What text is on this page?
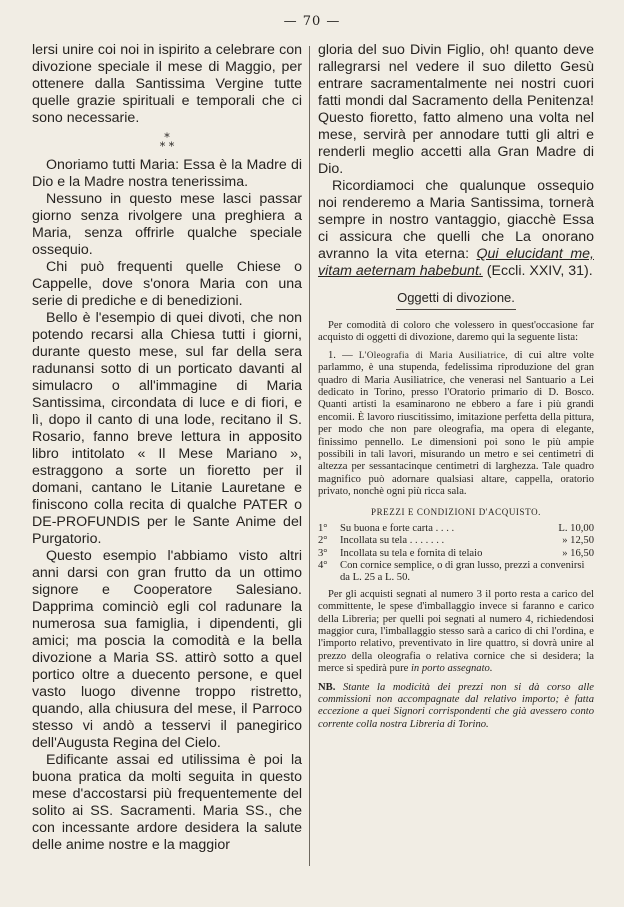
— 70 —

lersi unire coi noi in ispirito a celebrare con divozione speciale il mese di Maggio, per ottenere dalla Santissima Vergine tutte quelle grazie spirituali e temporali che ci sono necessarie.

*
* *

Onoriamo tutti Maria: Essa è la Madre di Dio e la Madre nostra tenerissima.

Nessuno in questo mese lasci passar giorno senza rivolgere una preghiera a Maria, senza offrirle qualche speciale ossequio.

Chi può frequenti quelle Chiese o Cappelle, dove s'onora Maria con una serie di prediche e di benedizioni.

Bello è l'esempio di quei divoti, che non potendo recarsi alla Chiesa tutti i giorni, durante questo mese, sul far della sera radunansi sotto di un porticato davanti al simulacro o all'immagine di Maria Santissima, circondata di luce e di fiori, e lì, dopo il canto di una lode, recitano il S. Rosario, fanno breve lettura in apposito libro intitolato « Il Mese Mariano », estraggono a sorte un fioretto per il domani, cantano le Litanie Lauretane e finiscono colla recita di qualche PATER o DE-PROFUNDIS per le Sante Anime del Purgatorio.

Questo esempio l'abbiamo visto altri anni darsi con gran frutto da un ottimo signore e Cooperatore Salesiano. Dapprima cominciò egli col radunare la numerosa sua famiglia, i dipendenti, gli amici; ma poscia la comodità e la bella divozione a Maria SS. attirò sotto a quel portico oltre a duecento persone, e quel vasto luogo divenne troppo ristretto, quando, alla chiusura del mese, il Parroco stesso vi andò a tesservi il panegirico dell'Augusta Regina del Cielo.

Edificante assai ed utilissima è poi la buona pratica da molti seguita in questo mese d'accostarsi più frequentemente del solito ai SS. Sacramenti. Maria SS., che con incessante ardore desidera la salute delle anime nostre e la maggior

gloria del suo Divin Figlio, oh! quanto deve rallegrarsi nel vedere il suo diletto Gesù entrare sacramentalmente nei nostri cuori fatti mondi dal Sacramento della Penitenza! Questo fioretto, fatto almeno una volta nel mese, servirà per annodare tutti gli altri e renderli meglio accetti alla Gran Madre di Dio.

Ricordiamoci che qualunque ossequio noi renderemo a Maria Santissima, tornerà sempre in nostro vantaggio, giacchè Essa ci assicura che quelli che La onorano avranno la vita eterna: Qui elucidant me, vitam aeternam habebunt. (Eccli. XXIV, 31).

Oggetti di divozione.

Per comodità di coloro che volessero in quest'occasione far acquisto di oggetti di divozione, daremo qui la seguente lista:

1. — L'Oleografia di Maria Ausiliatrice, di cui altre volte parlammo, è una stupenda, fedelissima riproduzione del gran quadro di Maria Ausiliatrice, che venerasi nel Santuario a Lei dedicato in Torino, presso l'Oratorio primario di D. Bosco. Quanti artisti la esaminarono ne ebbero a fare i più grandi encomii. È lavoro riuscitissimo, imitazione perfetta della pittura, per modo che non pare oleografia, ma opera di elegante, finissimo pennello. Le dimensioni poi sono le più ampie possibili in tali lavori, misurando un metro e sei centimetri di altezza per sessantacinque centimetri di larghezza. Tale quadro magnifico può adornare qualsiasi altare, cappella, oratorio privato, nonchè ogni più ricca sala.

PREZZI E CONDIZIONI D'ACQUISTO.
1°	Su buona e forte carta . . . .	L. 10,00
2°	Incollata su tela . . . . . . .	» 12,50
3°	Incollata su tela e fornita di telaio	» 16,50
4°	Con cornice semplice, o di gran lusso, prezzi a convenirsi da L. 25 a L. 50.	

Per gli acquisti segnati al numero 3 il porto resta a carico del committente, le spese d'imballaggio invece si faranno e carico della Libreria; per quelli poi segnati al numero 4, richiedendosi maggior cura, l'imballaggio stesso sarà a carico di chi l'ordina, e l'importo relativo, preventivato in lire quattro, si dovrà unire al prezzo della oleografia o relativa cornice che si desidera; la merce si spedirà pure in porto assegnato.

NB. Stante la modicità dei prezzi non si dà corso alle commissioni non accompagnate dal relativo importo; è fatta eccezione a quei Signori corrispondenti che già avessero conto corrente colla nostra Libreria di Torino.
